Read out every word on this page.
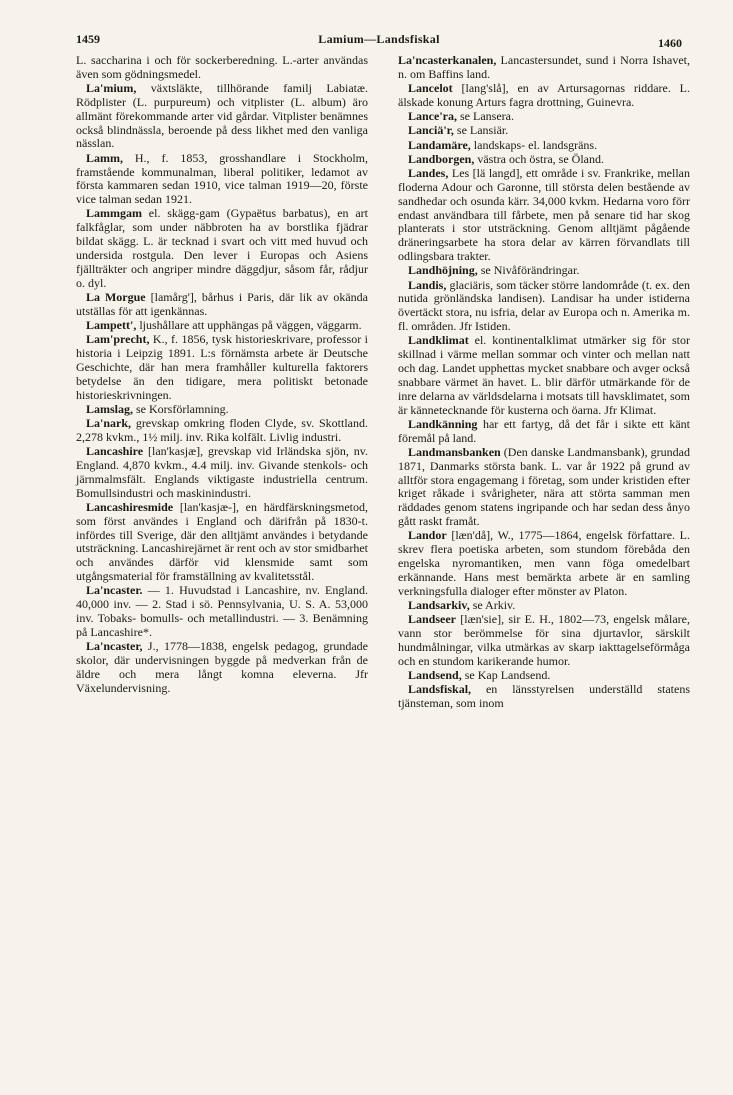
1459	Lamium—Landsfiskal	1460

L. saccharina i och för sockerberedning. L.-arter användas även som gödningsmedel.

La'mium, växtsläkte, tillhörande familj Labiatæ. Rödplister (L. purpureum) och vitplister (L. album) äro allmänt förekommande arter vid gårdar. Vitplister benämnes också blindnässla, beroende på dess likhet med den vanliga nässlan.

Lamm, H., f. 1853, grosshandlare i Stockholm, framstående kommunalman, liberal politiker, ledamot av första kammaren sedan 1910, vice talman 1919—20, förste vice talman sedan 1921.

Lammgam el. skägg-gam (Gypaëtus barbatus), en art falkfåglar, som under näbbroten ha av borstlika fjädrar bildat skägg. L. är tecknad i svart och vitt med huvud och undersida rostgula. Den lever i Europas och Asiens fjällträkter och angriper mindre däggdjur, såsom får, rådjur o. dyl.

La Morgue [lamårg'], bårhus i Paris, där lik av okända utställas för att igenkännas.

Lampett', ljushållare att upphängas på väggen, väggarm.

Lam'precht, K., f. 1856, tysk historieskrivare, professor i historia i Leipzig 1891. L:s förnämsta arbete är Deutsche Geschichte, där han mera framhåller kulturella faktorers betydelse än den tidigare, mera politiskt betonade historieskrivningen.

Lamslag, se Korsförlamning.

La'nark, grevskap omkring floden Clyde, sv. Skottland. 2,278 kvkm., 1½ milj. inv. Rika kolfält. Livlig industri.

Lancashire [lan'kasjæ], grevskap vid Irländska sjön, nv. England. 4,870 kvkm., 4.4 milj. inv. Givande stenkols- och järnmalmsfält. Englands viktigaste industriella centrum. Bomullsindustri och maskinindustri.

Lancashiresmide [lan'kasjæ-], en härdfärskningsmetod, som först användes i England och därifrån på 1830-t. infördes till Sverige, där den alltjämt användes i betydande utsträckning. Lancashirejärnet är rent och av stor smidbarhet och användes därför vid klensmide samt som utgångsmaterial för framställning av kvalitetsstål.

La'ncaster. — 1. Huvudstad i Lancashire, nv. England. 40,000 inv. — 2. Stad i sö. Pennsylvania, U. S. A. 53,000 inv. Tobaks- bomulls- och metallindustri. — 3. Benämning på Lancashire*.

La'ncaster, J., 1778—1838, engelsk pedagog, grundade skolor, där undervisningen byggde på medverkan från de äldre och mera långt komna eleverna. Jfr Växelundervisning.

La'ncasterkanalen, Lancastersundet, sund i Norra Ishavet, n. om Baffins land.

Lancelot [lang'slå], en av Artursagornas riddare. L. älskade konung Arturs fagra drottning, Guinevra.

Lance'ra, se Lansera.

Lanciä'r, se Lansiär.

Landamäre, landskaps- el. landsgräns.

Landborgen, västra och östra, se Öland.

Landes, Les [lä langd], ett område i sv. Frankrike, mellan floderna Adour och Garonne, till största delen bestående av sandhedar och osunda kärr. 34,000 kvkm. Hedarna voro förr endast användbara till fårbete, men på senare tid har skog planterats i stor utsträckning. Genom alltjämt pågående dräneringsarbete ha stora delar av kärren förvandlats till odlingsbara trakter.

Landhöjning, se Nivåförändringar.

Landis, glaciäris, som täcker större landområde (t. ex. den nutida grönländska landisen). Landisar ha under istiderna övertäckt stora, nu isfria, delar av Europa och n. Amerika m. fl. områden. Jfr Istiden.

Landklimat el. kontinentalklimat utmärker sig för stor skillnad i värme mellan sommar och vinter och mellan natt och dag. Landet upphettas mycket snabbare och avger också snabbare värmet än havet. L. blir därför utmärkande för de inre delarna av världsdelarna i motsats till havsklimatet, som är kännetecknande för kusterna och öarna. Jfr Klimat.

Landkänning har ett fartyg, då det får i sikte ett känt föremål på land.

Landmansbanken (Den danske Landmansbank), grundad 1871, Danmarks största bank. L. var år 1922 på grund av alltför stora engagemang i företag, som under kristiden efter kriget råkade i svårigheter, nära att störta samman men räddades genom statens ingripande och har sedan dess ånyo gått raskt framåt.

Landor [læn'då], W., 1775—1864, engelsk författare. L. skrev flera poetiska arbeten, som stundom förebåda den engelska nyromantiken, men vann föga omedelbart erkännande. Hans mest bemärkta arbete är en samling verkningsfulla dialoger efter mönster av Platon.

Landsarkiv, se Arkiv.

Landseer [læn'sie], sir E. H., 1802—73, engelsk målare, vann stor berömmelse för sina djurtavlor, särskilt hundmålningar, vilka utmärkas av skarp iakttagelseförmåga och en stundom karikerande humor.

Landsend, se Kap Landsend.

Landsfiskal, en länsstyrelsen underställd statens tjänsteman, som inom
